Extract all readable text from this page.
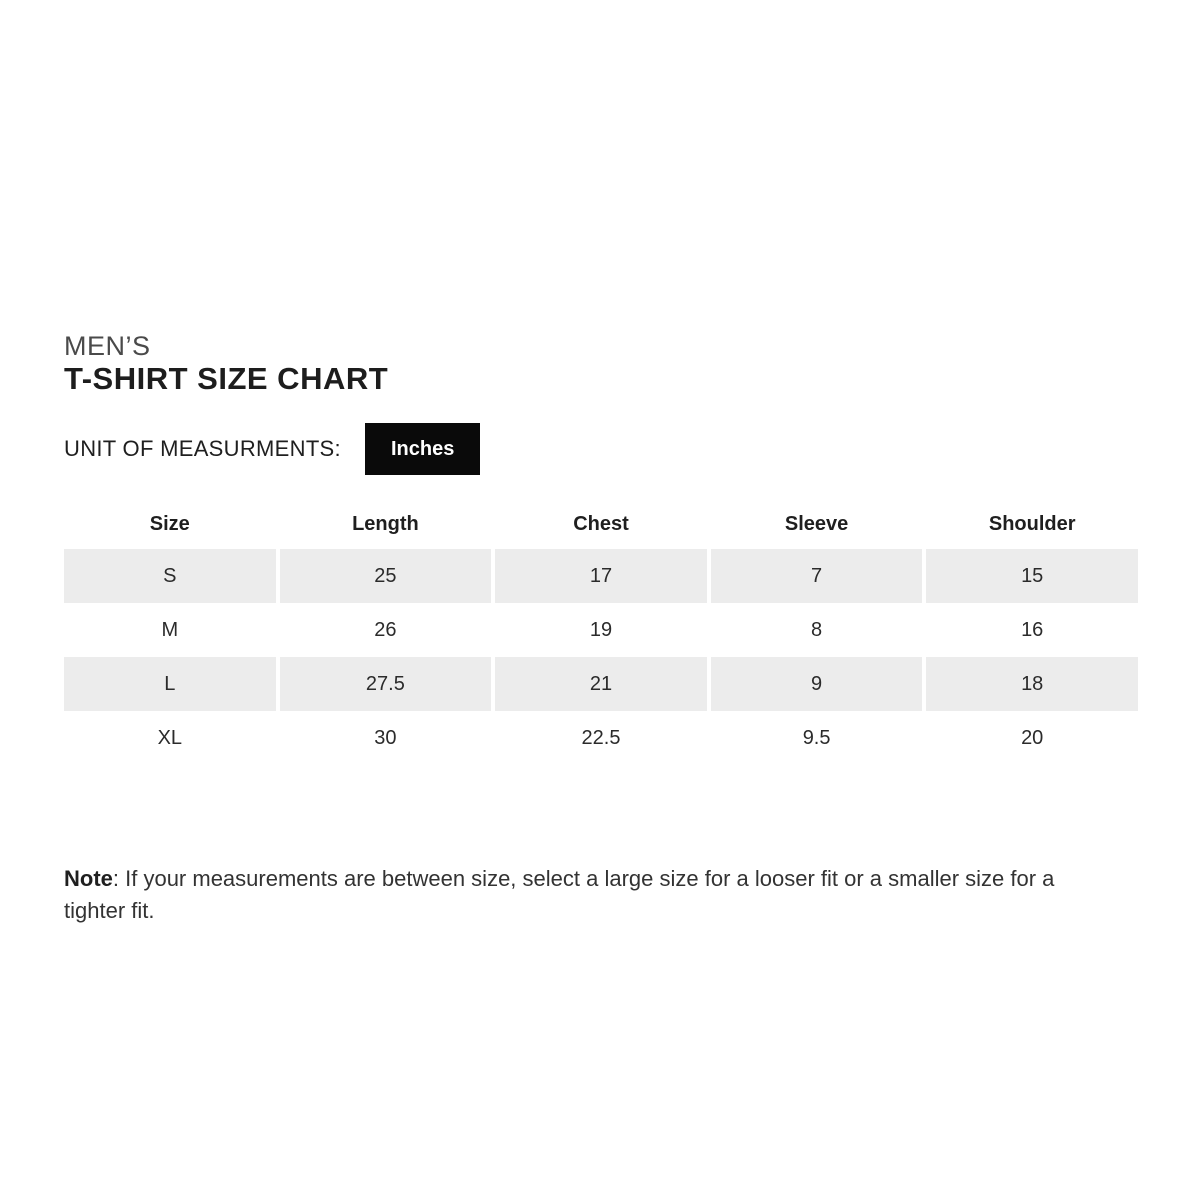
MEN’S
T-SHIRT SIZE CHART
UNIT OF MEASURMENTS:	Inches
Size	Length	Chest	Sleeve	Shoulder
S	25	17	7	15
M	26	19	8	16
L	27.5	21	9	18
XL	30	22.5	9.5	20

Note: If your measurements are between size, select a large size for a looser fit or a smaller size for a tighter fit.
